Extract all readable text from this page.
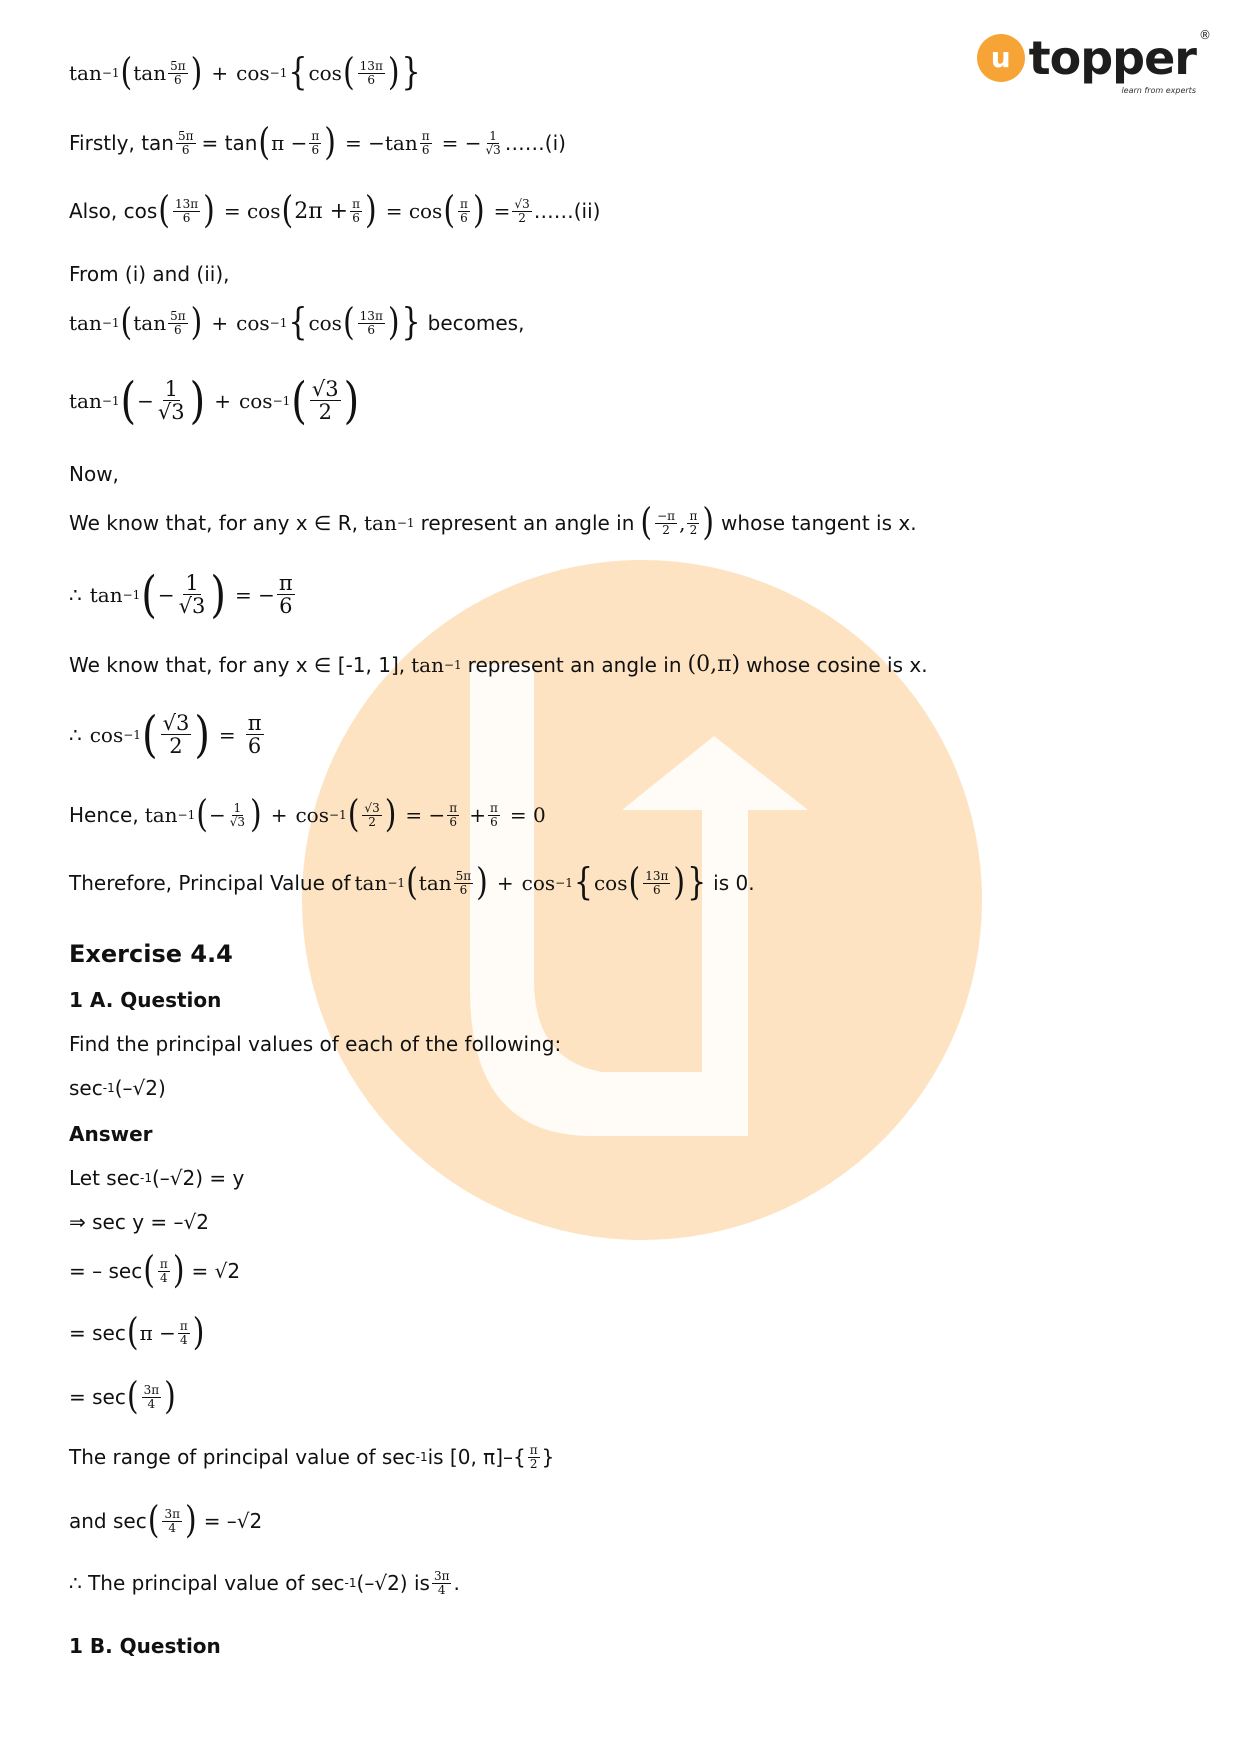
u topper ®
learn from experts
tan −1 ( $\tan \frac{5\pi}{6}$ ) + cos −1 { cos ( $\frac{13\pi}{6}$ ) }
Firstly, $\tan \frac{5\pi}{6} = \tan$ ( $\pi - \frac{\pi}{6}$ ) = $-\tan \frac{\pi}{6}$ = − $\frac{1}{√3}$ ……(i)
Also, cos ( $\frac{13\pi}{6}$ ) = cos ( $2\pi + \frac{\pi}{6}$ ) = cos ( $\frac{\pi}{6}$ ) = $\frac{√3}{2}$ ……(ii)
From (i) and (ii),
tan −1 ( $\tan \frac{5\pi}{6}$ ) + cos −1 { cos ( $\frac{13\pi}{6}$ ) } becomes,
tan −1 ( − $\frac{1}{√3}$ ) + cos −1 ( $\frac{√3}{2}$ )
Now,
We know that, for any x ∈ R, tan −1 represent an angle in ( $\frac{-\pi}{2}$ , $\frac{\pi}{2}$ ) whose tangent is x.
∴ tan −1 ( − $\frac{1}{√3}$ ) = − $\frac{\pi}{6}$
We know that, for any x ∈ [-1, 1], tan −1 represent an angle in (0,π) whose cosine is x.
∴ cos −1 ( $\frac{√3}{2}$ ) = $\frac{\pi}{6}$
Hence, tan −1 ( − $\frac{1}{√3}$ ) + cos −1 ( $\frac{√3}{2}$ ) = − $\frac{\pi}{6} + \frac{\pi}{6} = 0$
Therefore, Principal Value of tan −1 ( $\tan \frac{5\pi}{6}$ ) + cos −1 { cos ( $\frac{13\pi}{6}$ ) } is 0.
Exercise 4.4
1 A. Question
Find the principal values of each of the following:
sec -1 (–√2)
Answer
Let sec -1 (–√2) = y
⇒ sec y = –√2
= – sec ( $\frac{\pi}{4}$ ) = √2
= sec ( $\pi - \frac{\pi}{4}$ )
= sec ( $\frac{3\pi}{4}$ )
The range of principal value of sec -1 is [0, $\pi]-\{ \frac{\pi}{2}$ }
and sec ( $\frac{3\pi}{4}$ ) = –√2
∴ The principal value of sec -1 (–√2) is $\frac{3\pi}{4}$ .
1 B. Question
